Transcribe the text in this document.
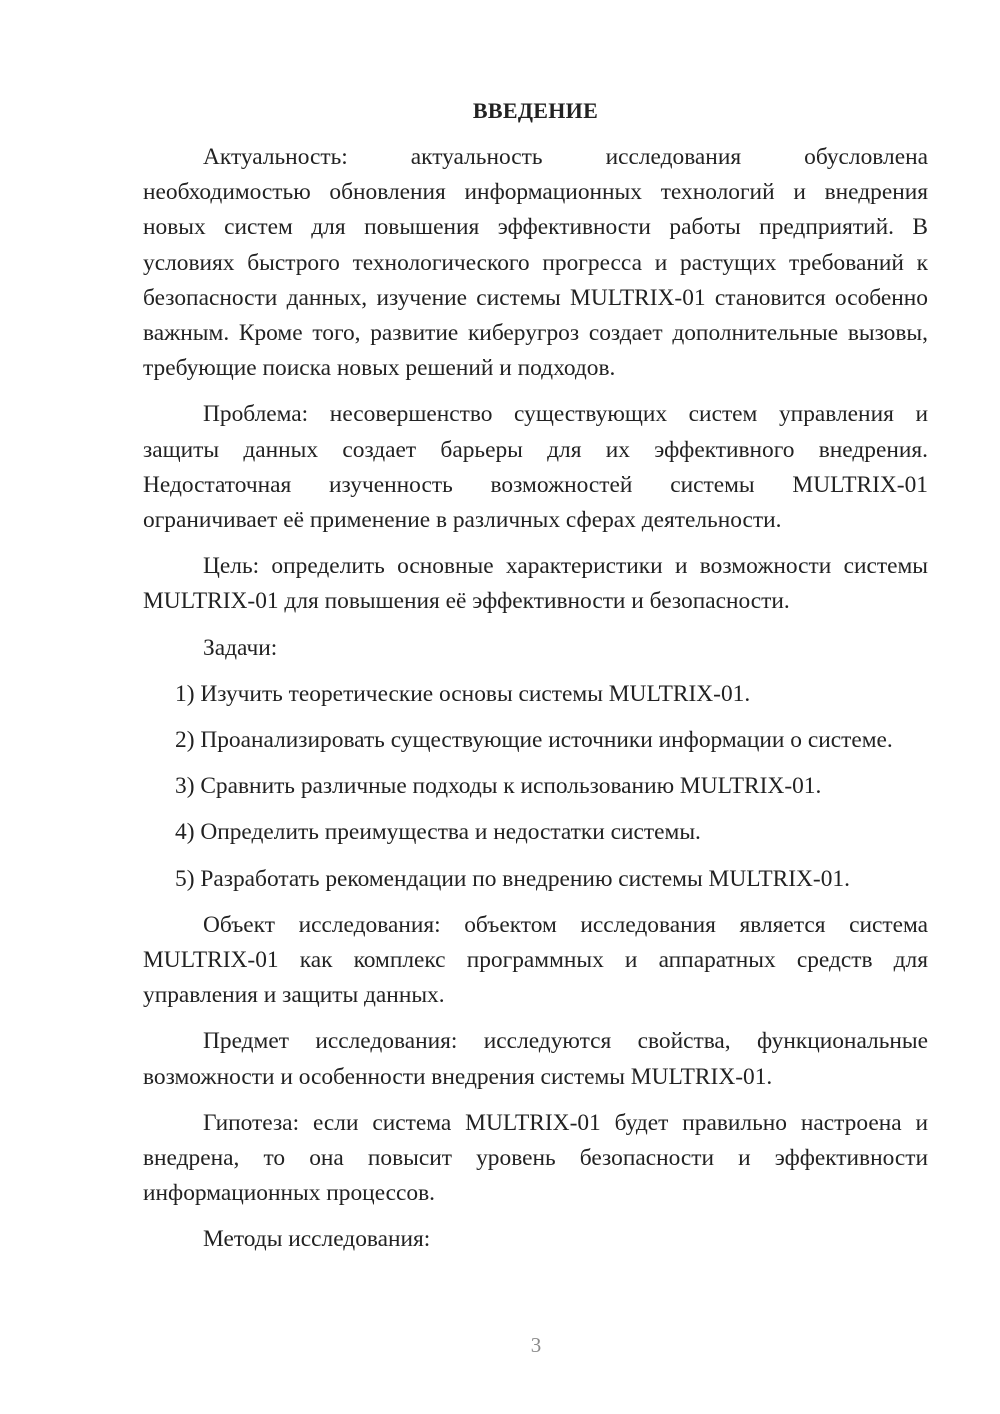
ВВЕДЕНИЕ

Актуальность: актуальность исследования обусловлена необходимостью обновления информационных технологий и внедрения новых систем для повышения эффективности работы предприятий. В условиях быстрого технологического прогресса и растущих требований к безопасности данных, изучение системы MULTRIX-01 становится особенно важным. Кроме того, развитие киберугроз создает дополнительные вызовы, требующие поиска новых решений и подходов.

Проблема: несовершенство существующих систем управления и защиты данных создает барьеры для их эффективного внедрения. Недостаточная изученность возможностей системы MULTRIX-01 ограничивает её применение в различных сферах деятельности.

Цель: определить основные характеристики и возможности системы MULTRIX-01 для повышения её эффективности и безопасности.

Задачи:

1) Изучить теоретические основы системы MULTRIX-01.

2) Проанализировать существующие источники информации о системе.

3) Сравнить различные подходы к использованию MULTRIX-01.

4) Определить преимущества и недостатки системы.

5) Разработать рекомендации по внедрению системы MULTRIX-01.

Объект исследования: объектом исследования является система MULTRIX-01 как комплекс программных и аппаратных средств для управления и защиты данных.

Предмет исследования: исследуются свойства, функциональные возможности и особенности внедрения системы MULTRIX-01.

Гипотеза: если система MULTRIX-01 будет правильно настроена и внедрена, то она повысит уровень безопасности и эффективности информационных процессов.

Методы исследования:

3
